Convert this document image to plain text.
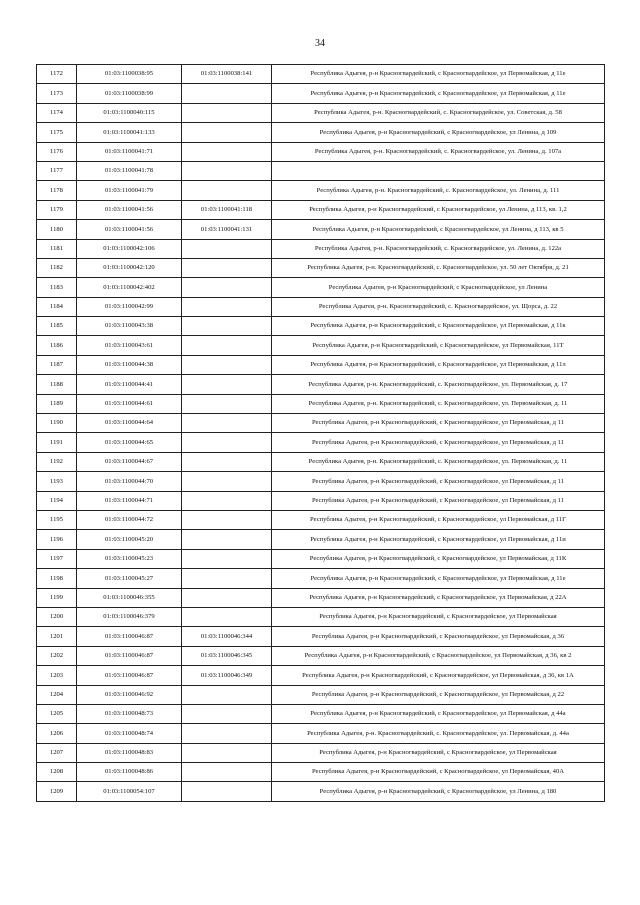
34
1172	01:03:1100038:95	01:03:1100038:141	Республика Адыгея, р-н Красногвардейский, с Красногвардейское, ул Первомайская, д 11е
1173	01:03:1100038:99		Республика Адыгея, р-н Красногвардейский, с Красногвардейское, ул Первомайская, д 11е
1174	01:03:1100040:115		Республика Адыгея, р-н. Красногвардейский, с. Красногвардейское, ул. Советская, д. 58
1175	01:03:1100041:133		Республика Адыгея, р-н Красногвардейский, с Красногвардейское, ул Ленина, д 109
1176	01:03:1100041:71		Республика Адыгея, р-н. Красногвардейский, с. Красногвардейское, ул. Ленина, д. 107а
1177	01:03:1100041:78		
1178	01:03:1100041:79		Республика Адыгея, р-н. Красногвардейский, с. Красногвардейское, ул. Ленина, д. 111
1179	01:03:1100041:56	01:03:1100041:118	Республика Адыгея, р-н Красногвардейский, с Красногвардейское, ул Ленина, д 113, кв. 1,2
1180	01:03:1100041:56	01:03:1100041:131	Республика Адыгея, р-н Красногвардейский, с Красногвардейское, ул Ленина, д 113, кв 5
1181	01:03:1100042:106		Республика Адыгея, р-н. Красногвардейский, с. Красногвардейское, ул. Ленина, д. 122а
1182	01:03:1100042:120		Республика Адыгея, р-н. Красногвардейский, с. Красногвардейское, ул. 50 лет Октября, д. 21
1183	01:03:1100042:402		Республика Адыгея, р-н Красногвардейский, с Красногвардейское, ул Ленина
1184	01:03:1100042:99		Республика Адыгея, р-н. Красногвардейский, с. Красногвардейское, ул. Щорса, д. 22
1185	01:03:1100043:38		Республика Адыгея, р-н Красногвардейский, с Красногвардейское, ул Первомайская, д 11к
1186	01:03:1100043:61		Республика Адыгея, р-н Красногвардейский, с Красногвардейское, ул Первомайская, 11Т
1187	01:03:1100044:38		Республика Адыгея, р-н Красногвардейский, с Красногвардейское, ул Первомайская, д 11л
1188	01:03:1100044:41		Республика Адыгея, р-н. Красногвардейский, с. Красногвардейское, ул. Первомайская, д. 17
1189	01:03:1100044:61		Республика Адыгея, р-н. Красногвардейский, с. Красногвардейское, ул. Первомайская, д. 11
1190	01:03:1100044:64		Республика Адыгея, р-н Красногвардейский, с Красногвардейское, ул Первомайская, д 11
1191	01:03:1100044:65		Республика Адыгея, р-н Красногвардейский, с Красногвардейское, ул Первомайская, д 11
1192	01:03:1100044:67		Республика Адыгея, р-н. Красногвардейский, с. Красногвардейское, ул. Первомайская, д. 11
1193	01:03:1100044:70		Республика Адыгея, р-н Красногвардейский, с Красногвардейское, ул Первомайская, д 11
1194	01:03:1100044:71		Республика Адыгея, р-н Красногвардейский, с Красногвардейское, ул Первомайская, д 11
1195	01:03:1100044:72		Республика Адыгея, р-н Красногвардейский, с Красногвардейское, ул Первомайская, д 11Г
1196	01:03:1100045:20		Республика Адыгея, р-н Красногвардейский, с Красногвардейское, ул Первомайская, д 11и
1197	01:03:1100045:23		Республика Адыгея, р-н Красногвардейский, с Красногвардейское, ул Первомайская, д 11К
1198	01:03:1100045:27		Республика Адыгея, р-н Красногвардейский, с Красногвардейское, ул Первомайская, д 11е
1199	01:03:1100046:355		Республика Адыгея, р-н Красногвардейский, с Красногвардейское, ул Первомайская, д 22А
1200	01:03:1100046:379		Республика Адыгея, р-н Красногвардейский, с Красногвардейское, ул Первомайская
1201	01:03:1100046:87	01:03:1100046:344	Республика Адыгея, р-н Красногвардейский, с Красногвардейское, ул Первомайская, д 36
1202	01:03:1100046:87	01:03:1100046:345	Республика Адыгея, р-н Красногвардейский, с Красногвардейское, ул Первомайская, д 36, кв 2
1203	01:03:1100046:87	01:03:1100046:349	Республика Адыгея, р-н Красногвардейский, с Красногвардейское, ул Первомайская, д 36, кв 1А
1204	01:03:1100046:92		Республика Адыгея, р-н Красногвардейский, с Красногвардейское, ул Первомайская, д 22
1205	01:03:1100048:73		Республика Адыгея, р-н Красногвардейский, с Красногвардейское, ул Первомайская, д 44а
1206	01:03:1100048:74		Республика Адыгея, р-н. Красногвардейский, с. Красногвардейское, ул. Первомайская, д. 44а
1207	01:03:1100048:83		Республика Адыгея, р-н Красногвардейский, с Красногвардейское, ул Первомайская
1208	01:03:1100048:86		Республика Адыгея, р-н Красногвардейский, с Красногвардейское, ул Первомайская, 40А
1209	01:03:1100054:107		Республика Адыгея, р-н Красногвардейский, с Красногвардейское, ул Ленина, д 180
